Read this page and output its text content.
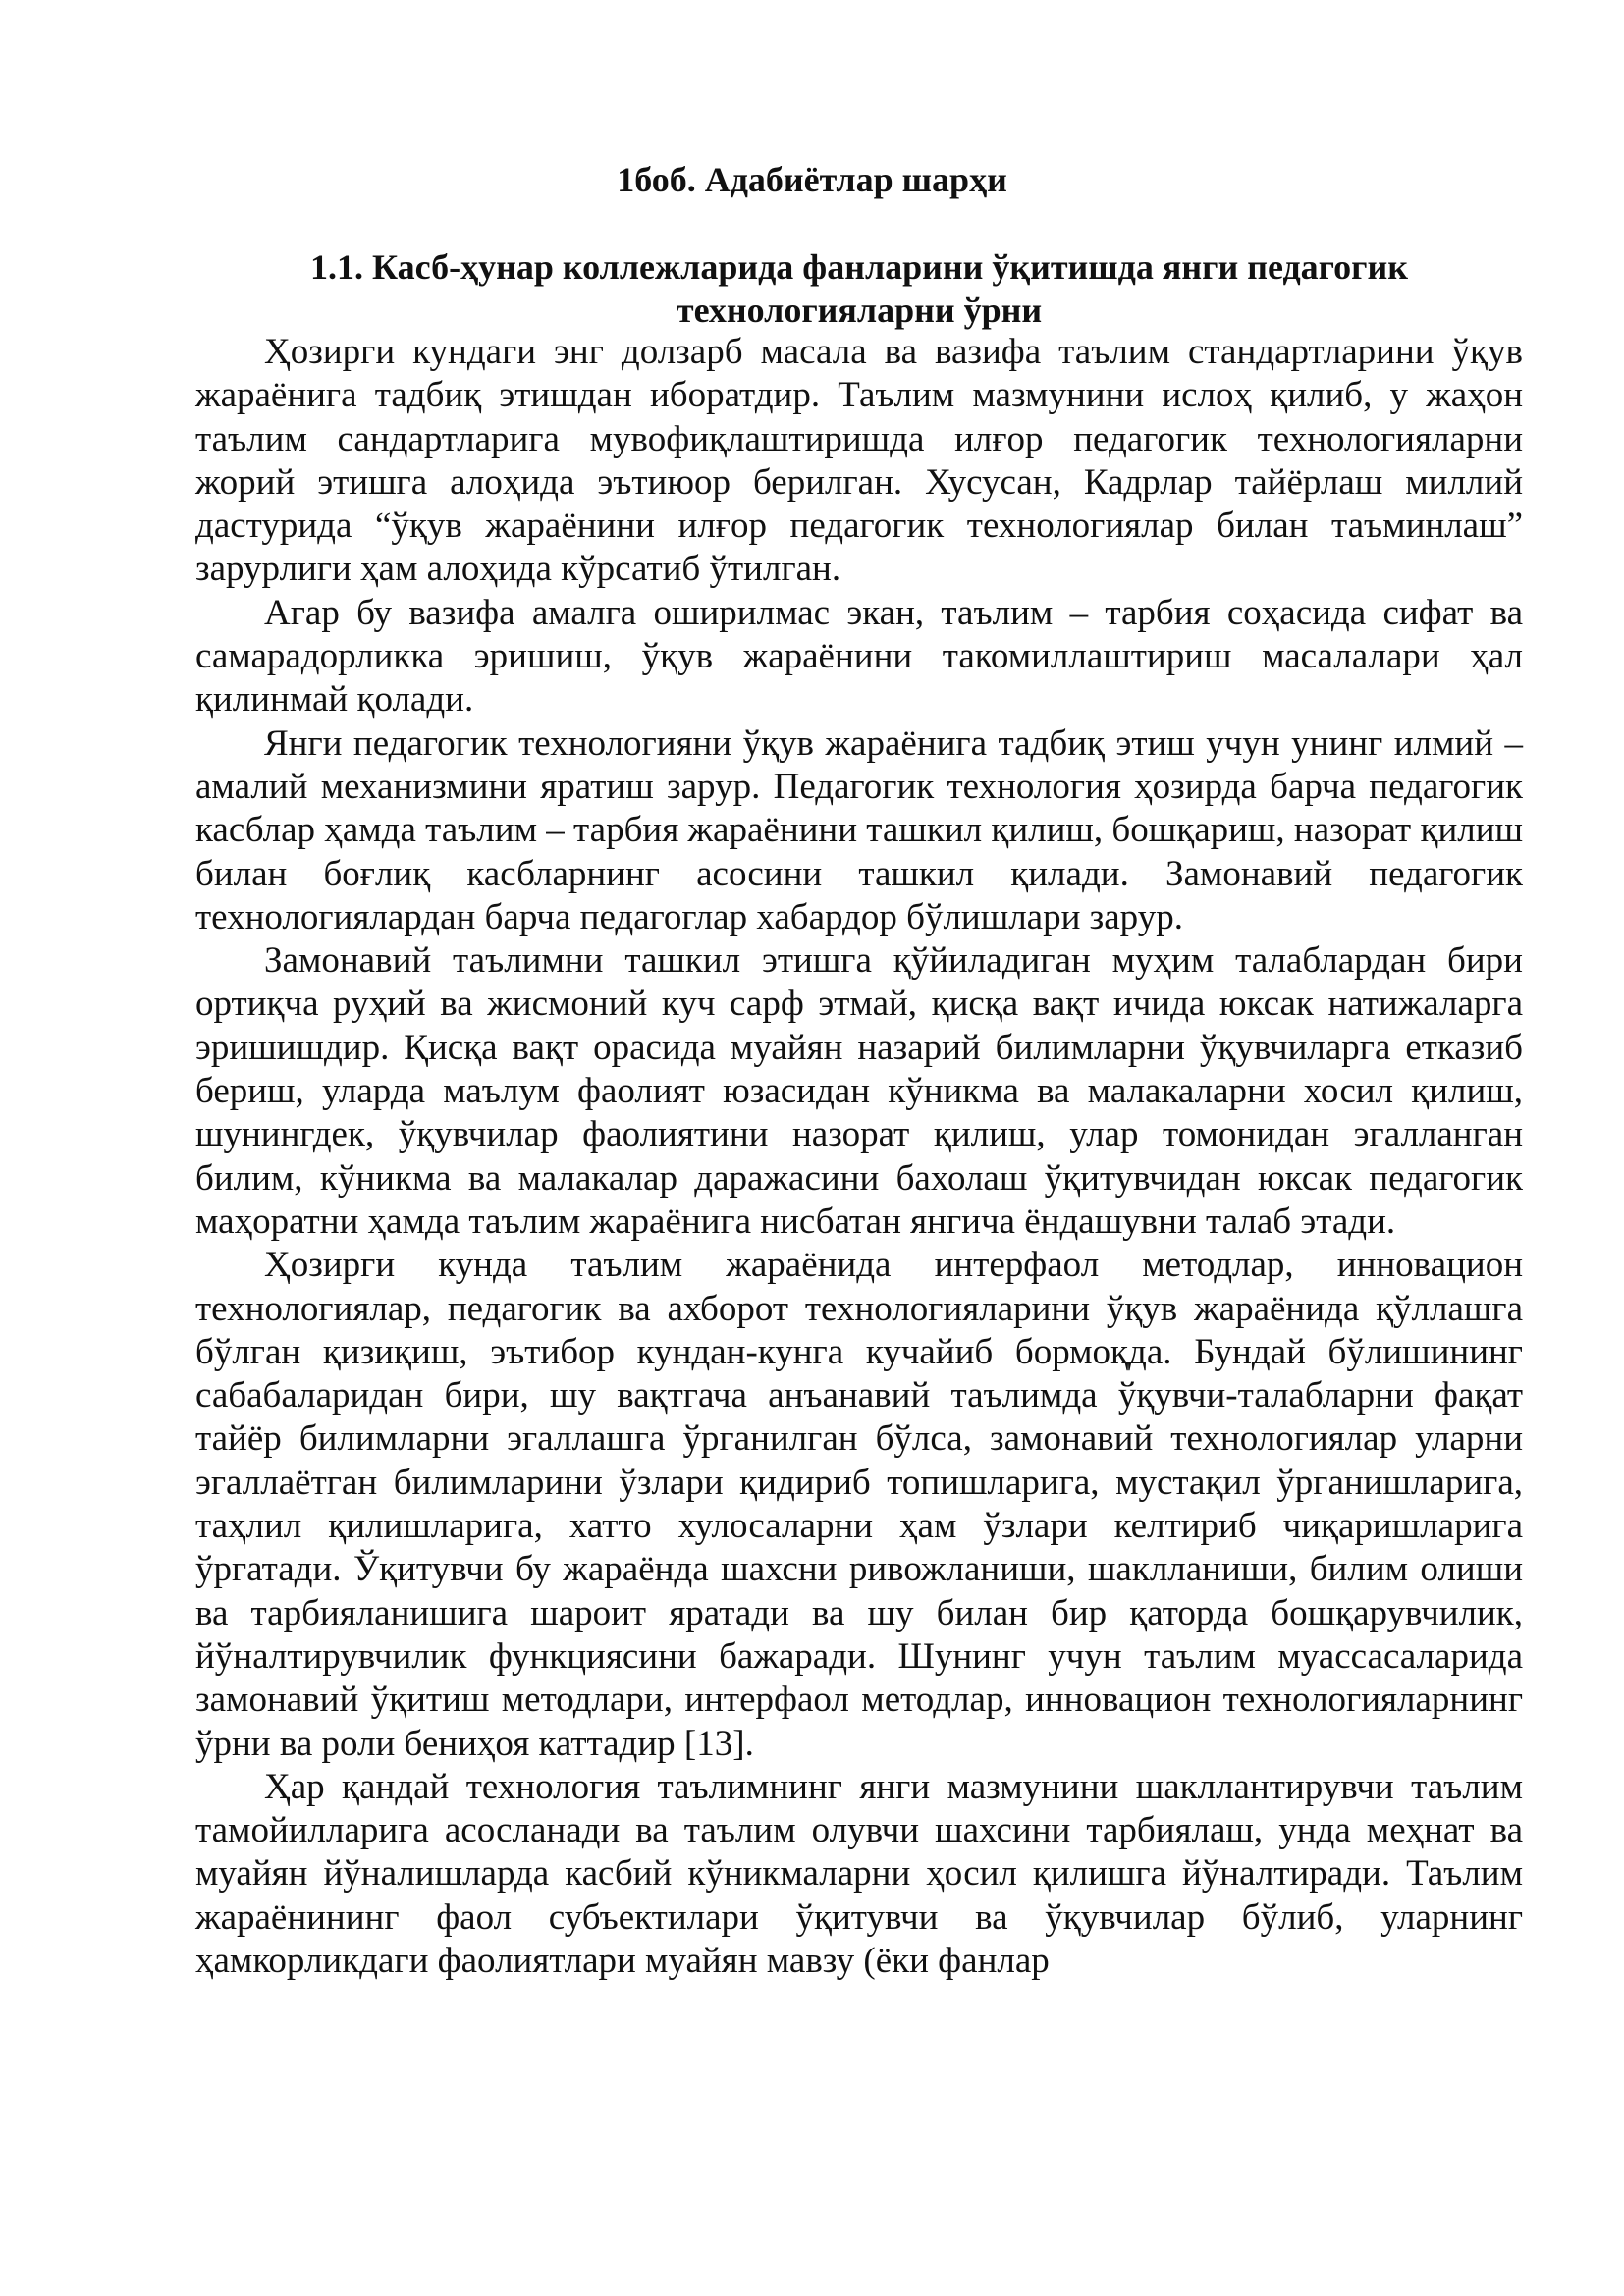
1боб. Адабиётлар шарҳи
1.1. Касб-ҳунар коллежларида фанларини ўқитишда янги педагогик технологияларни ўрни

Ҳозирги кундаги энг долзарб масала ва вазифа таълим стандартларини ўқув жараёнига тадбиқ этишдан иборатдир. Таълим мазмунини ислоҳ қилиб, у жаҳон таълим сандартларига мувофиқлаштиришда илғор педагогик технологияларни жорий этишга алоҳида эътиюор берилган. Хусусан, Кадрлар тайёрлаш миллий дастурида “ўқув жараёнини илғор педагогик технологиялар билан таъминлаш” зарурлиги ҳам алоҳида кўрсатиб ўтилган.

Агар бу вазифа амалга оширилмас экан, таълим – тарбия соҳасида сифат ва самарадорликка эришиш, ўқув жараёнини такомиллаштириш масалалари ҳал қилинмай қолади.

Янги педагогик технологияни ўқув жараёнига тадбиқ этиш учун унинг илмий – амалий механизмини яратиш зарур. Педагогик технология ҳозирда барча педагогик касблар ҳамда таълим – тарбия жараёнини ташкил қилиш, бошқариш, назорат қилиш билан боғлиқ касбларнинг асосини ташкил қилади. Замонавий педагогик технологиялардан барча педагоглар хабардор бўлишлари зарур.

Замонавий таълимни ташкил этишга қўйиладиган муҳим талаблардан бири ортиқча руҳий ва жисмоний куч сарф этмай, қисқа вақт ичида юксак натижаларга эришишдир. Қисқа вақт орасида муайян назарий билимларни ўқувчиларга етказиб бериш, уларда маълум фаолият юзасидан кўникма ва малакаларни хосил қилиш, шунингдек, ўқувчилар фаолиятини назорат қилиш, улар томонидан эгалланган билим, кўникма ва малакалар даражасини бахолаш ўқитувчидан юксак педагогик маҳоратни ҳамда таълим жараёнига нисбатан янгича ёндашувни талаб этади.

Ҳозирги кунда таълим жараёнида интерфаол методлар, инновацион технологиялар, педагогик ва ахборот технологияларини ўқув жараёнида қўллашга бўлган қизиқиш, эътибор кундан-кунга кучайиб бормоқда. Бундай бўлишининг сабабаларидан бири, шу вақтгача анъанавий таълимда ўқувчи-талабларни фақат тайёр билимларни эгаллашга ўрганилган бўлса, замонавий технологиялар уларни эгаллаётган билимларини ўзлари қидириб топишларига, мустақил ўрганишларига, таҳлил қилишларига, хатто хулосаларни ҳам ўзлари келтириб чиқаришларига ўргатади. Ўқитувчи бу жараёнда шахсни ривожланиши, шаклланиши, билим олиши ва тарбияланишига шароит яратади ва шу билан бир қаторда бошқарувчилик, йўналтирувчилик функциясини бажаради. Шунинг учун таълим муассасаларида замонавий ўқитиш методлари, интерфаол методлар, инновацион технологияларнинг ўрни ва роли бениҳоя каттадир [13].

Ҳар қандай технология таълимнинг янги мазмунини шакллантирувчи таълим тамойилларига асосланади ва таълим олувчи шахсини тарбиялаш, унда меҳнат ва муайян йўналишларда касбий кўникмаларни ҳосил қилишга йўналтиради. Таълим жараёнининг фаол субъектилари ўқитувчи ва ўқувчилар бўлиб, уларнинг ҳамкорликдаги фаолиятлари муайян мавзу (ёки фанлар
